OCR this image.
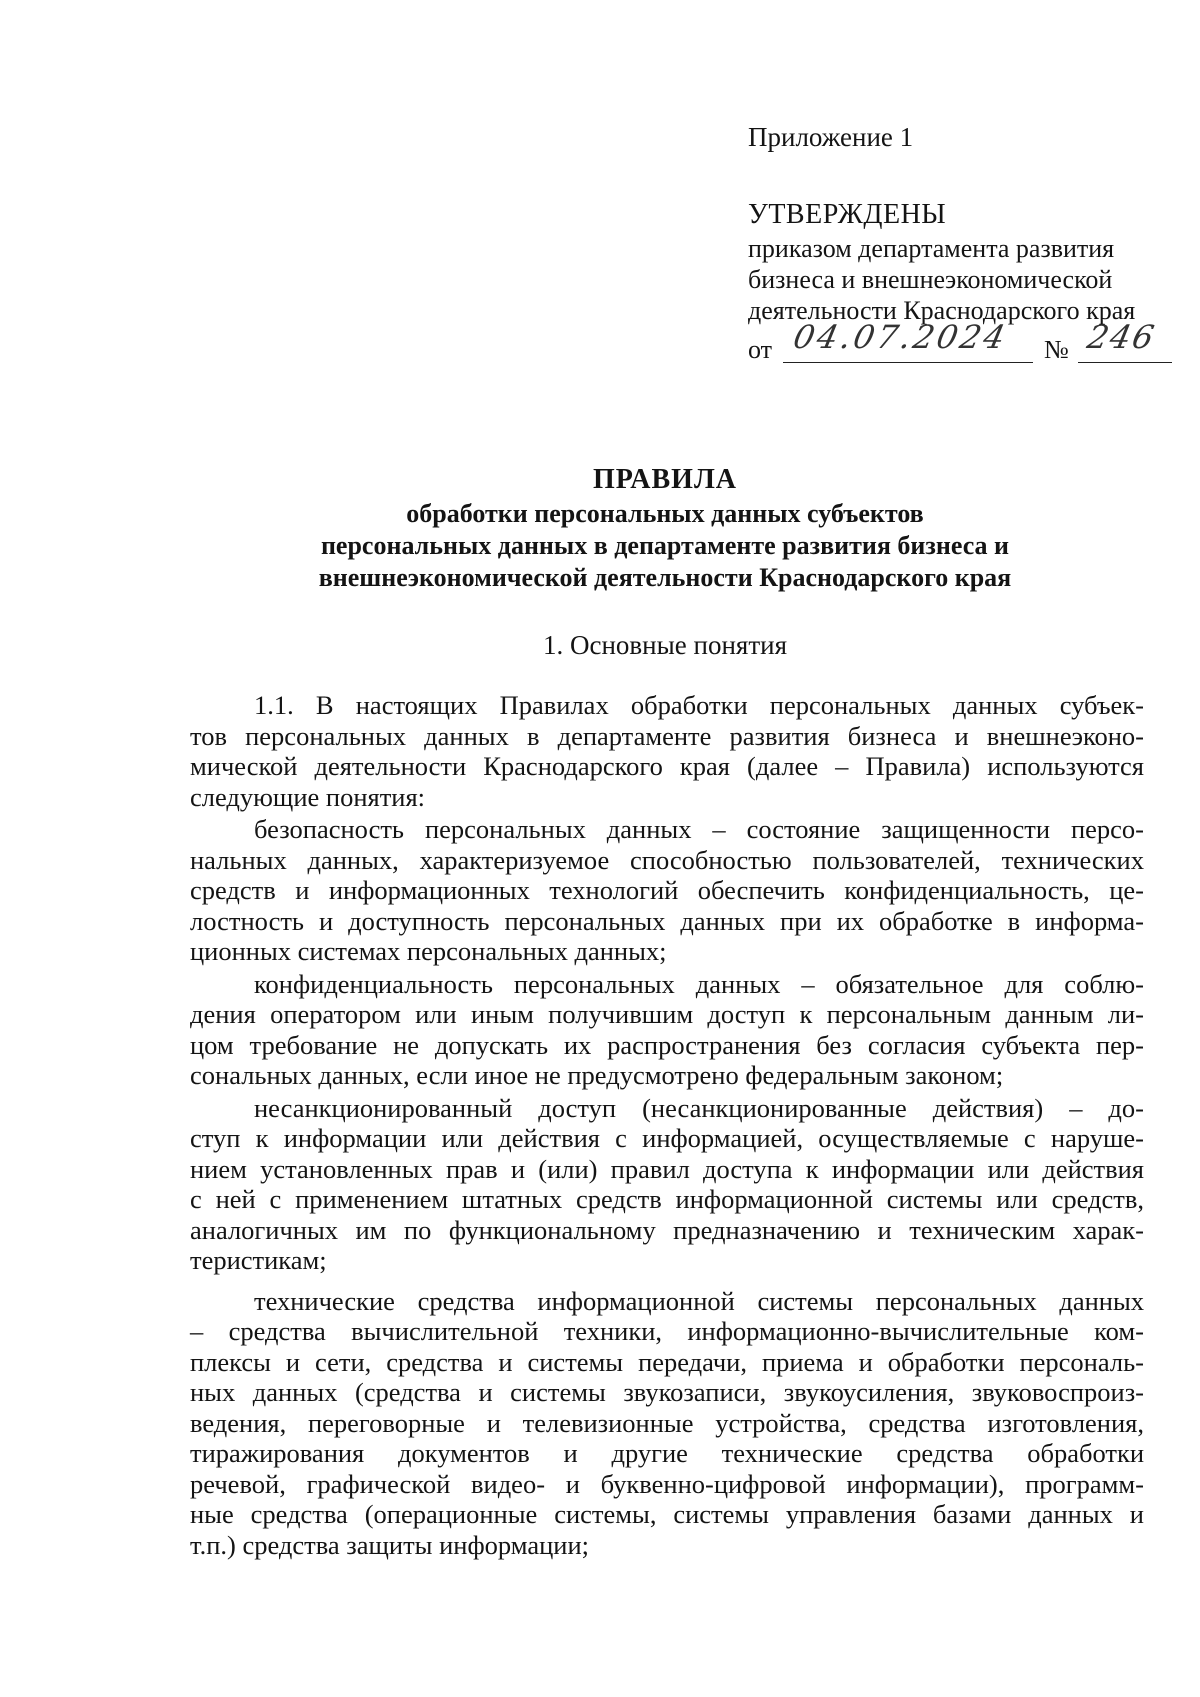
Приложение 1
УТВЕРЖДЕНЫ
приказом департамента развития
бизнеса и внешнеэкономической
деятельности Краснодарского края
от 04.07.2024 № 246
ПРАВИЛА
обработки персональных данных субъектов
персональных данных в департаменте развития бизнеса и
внешнеэкономической деятельности Краснодарского края
1. Основные понятия
1.1. В настоящих Правилах обработки персональных данных субъек-
тов персональных данных в департаменте развития бизнеса и внешнеэконо-
мической деятельности Краснодарского края (далее – Правила) используются
следующие понятия:
безопасность персональных данных – состояние защищенности персо-
нальных данных, характеризуемое способностью пользователей, технических
средств и информационных технологий обеспечить конфиденциальность, це-
лостность и доступность персональных данных при их обработке в информа-
ционных системах персональных данных;
конфиденциальность персональных данных – обязательное для соблю-
дения оператором или иным получившим доступ к персональным данным ли-
цом требование не допускать их распространения без согласия субъекта пер-
сональных данных, если иное не предусмотрено федеральным законом;
несанкционированный доступ (несанкционированные действия) – до-
ступ к информации или действия с информацией, осуществляемые с наруше-
нием установленных прав и (или) правил доступа к информации или действия
с ней с применением штатных средств информационной системы или средств,
аналогичных им по функциональному предназначению и техническим харак-
теристикам;
технические средства информационной системы персональных данных
– средства вычислительной техники, информационно-вычислительные ком-
плексы и сети, средства и системы передачи, приема и обработки персональ-
ных данных (средства и системы звукозаписи, звукоусиления, звуковоспроиз-
ведения, переговорные и телевизионные устройства, средства изготовления,
тиражирования документов и другие технические средства обработки
речевой, графической видео- и буквенно-цифровой информации), программ-
ные средства (операционные системы, системы управления базами данных и
т.п.) средства защиты информации;
